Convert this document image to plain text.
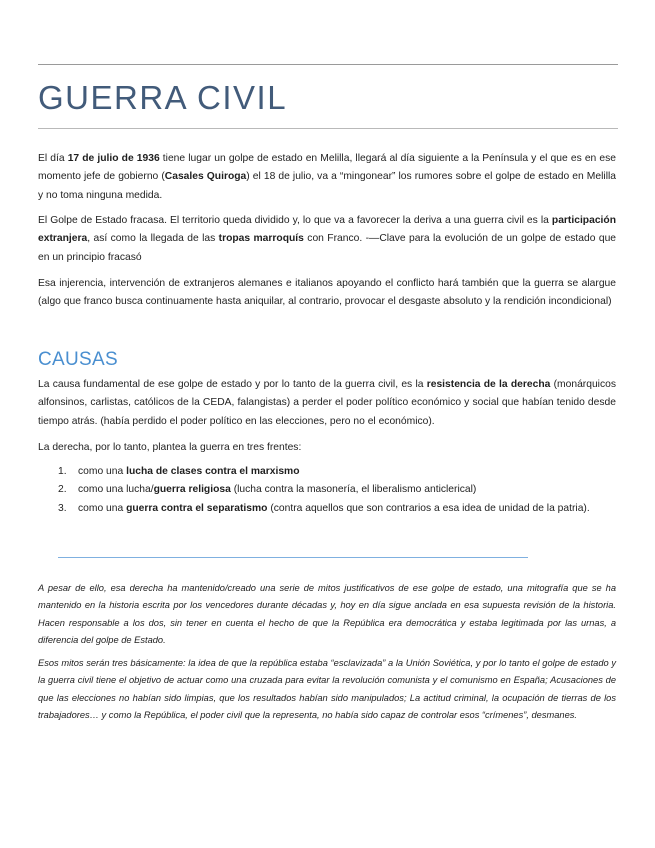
GUERRA CIVIL

El día 17 de julio de 1936 tiene lugar un golpe de estado en Melilla, llegará al día siguiente a la Península y el que es en ese momento jefe de gobierno (Casales Quiroga) el 18 de julio, va a “mingonear” los rumores sobre el golpe de estado en Melilla y no toma ninguna medida.

El Golpe de Estado fracasa. El territorio queda dividido y, lo que va a favorecer la deriva a una guerra civil es la participación extranjera, así como la llegada de las tropas marroquís con Franco. -—Clave para la evolución de un golpe de estado que en un principio fracasó

Esa injerencia, intervención de extranjeros alemanes e italianos apoyando el conflicto hará también que la guerra se alargue (algo que franco busca continuamente hasta aniquilar, al contrario, provocar el desgaste absoluto y la rendición incondicional)

CAUSAS

La causa fundamental de ese golpe de estado y por lo tanto de la guerra civil, es la resistencia de la derecha (monárquicos alfonsinos, carlistas, católicos de la CEDA, falangistas) a perder el poder político económico y social que habían tenido desde tiempo atrás. (había perdido el poder político en las elecciones, pero no el económico).

La derecha, por lo tanto, plantea la guerra en tres frentes:

1. como una lucha de clases contra el marxismo
2. como una lucha/guerra religiosa (lucha contra la masonería, el liberalismo anticlerical)
3. como una guerra contra el separatismo (contra aquellos que son contrarios a esa idea de unidad de la patria).

A pesar de ello, esa derecha ha mantenido/creado una serie de mitos justificativos de ese golpe de estado, una mitografía que se ha mantenido en la historia escrita por los vencedores durante décadas y, hoy en día sigue anclada en esa supuesta revisión de la historia. Hacen responsable a los dos, sin tener en cuenta el hecho de que la República era democrática y estaba legitimada por las urnas, a diferencia del golpe de Estado.

Esos mitos serán tres básicamente: la idea de que la república estaba “esclavizada” a la Unión Soviética, y por lo tanto el golpe de estado y la guerra civil tiene el objetivo de actuar como una cruzada para evitar la revolución comunista y el comunismo en España; Acusaciones de que las elecciones no habían sido limpias, que los resultados habían sido manipulados; La actitud criminal, la ocupación de tierras de los trabajadores… y como la República, el poder civil que la representa, no había sido capaz de controlar esos “crímenes”, desmanes.
